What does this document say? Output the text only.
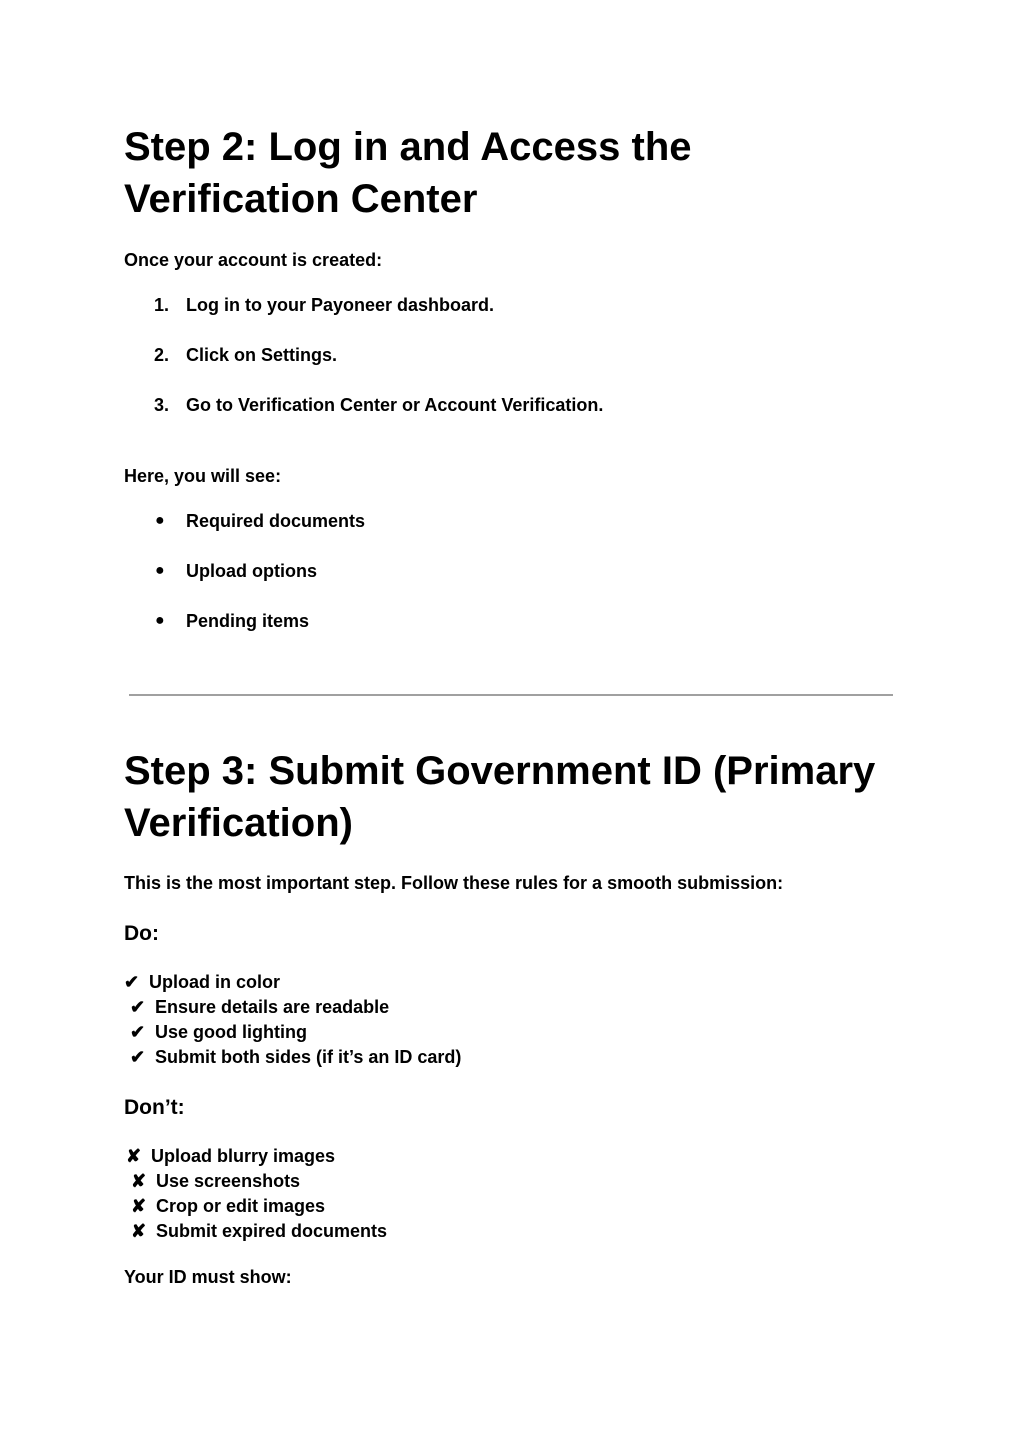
Step 2: Log in and Access the Verification Center

Once your account is created:

1. Log in to your Payoneer dashboard.
2. Click on Settings.
3. Go to Verification Center or Account Verification.

Here, you will see:

●	Required documents
●	Upload options
●	Pending items
Step 3: Submit Government ID (Primary Verification)

This is the most important step. Follow these rules for a smooth submission:

Do:

✔ Upload in color
✔ Ensure details are readable
✔ Use good lighting
✔ Submit both sides (if it’s an ID card)

Don’t:

✘ Upload blurry images
✘ Use screenshots
✘ Crop or edit images
✘ Submit expired documents

Your ID must show:
